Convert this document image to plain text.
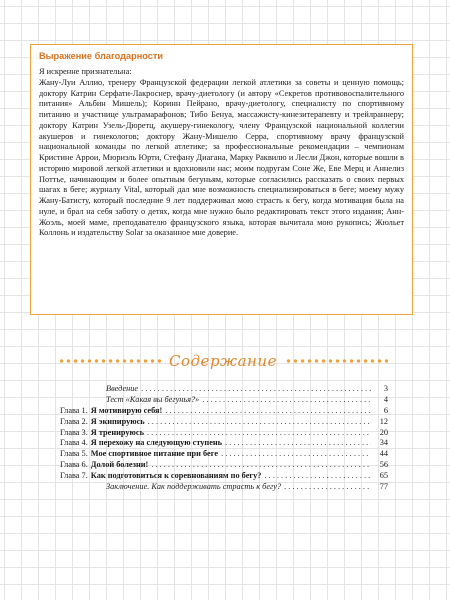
Выражение благодарности

Я искренне признательна:

Жану-Луи Аллио, тренеру Французской федерации легкой атлетики за советы и ценную помощь; доктору Катрин Серфати-Лакроснер, врачу-диетологу (и автору «Секретов противовоспалительного питания» Альбин Мишель); Коринн Пейрано, врачу-диетологу, специалисту по спортивному питанию и участнице ультрамарафонов; Тибо Бенуа, массажисту-кинезитерапевту и трейлраннеру; доктору Катрин Узель-Дюретц, акушеру-гинекологу, члену Французской национальной коллегии акушеров и гинекологов; доктору Жану-Мишелю Серра, спортивному врачу французской национальной команды по легкой атлетике; за профессиональные рекомендации – чемпионам Кристине Аррои, Мюриэль Юрти, Стефану Диагана, Марку Раквилю и Лесли Джон, которые вошли в историю мировой легкой атлетики и вдохновили нас; моим подругам Соне Же, Еве Мерц и Аннелиз Поттье, начинающим и более опытным бегуньям, которые согласились рассказать о своих первых шагах в беге; журналу Vital, который дал мне возможность специализироваться в беге; моему мужу Жану-Батисту, который последние 9 лет поддерживал мою страсть к бегу, когда мотивация была на нуле, и брал на себя заботу о детях, когда мне нужно было редактировать текст этого издания; Анн-Жоэль, моей маме, преподавателю французского языка, которая вычитала мою рукопись; Жюльет Коллонь и издательству Solar за оказанное мне доверие.

Содержание
Введение . . .	3
Тест «Какая вы бегунья?» . . .	4
Глава 1. Я мотивирую себя! . . .	6
Глава 2. Я экипируюсь . . .	12
Глава 3. Я тренируюсь . . .	20
Глава 4. Я перехожу на следующую ступень . . .	34
Глава 5. Мое спортивное питание при беге . . .	44
Глава 6. Долой болезни! . . .	56
Глава 7. Как подготовиться к соревнованиям по бегу? . . .	65
Заключение. Как поддерживать страсть к бегу? . . .	77
